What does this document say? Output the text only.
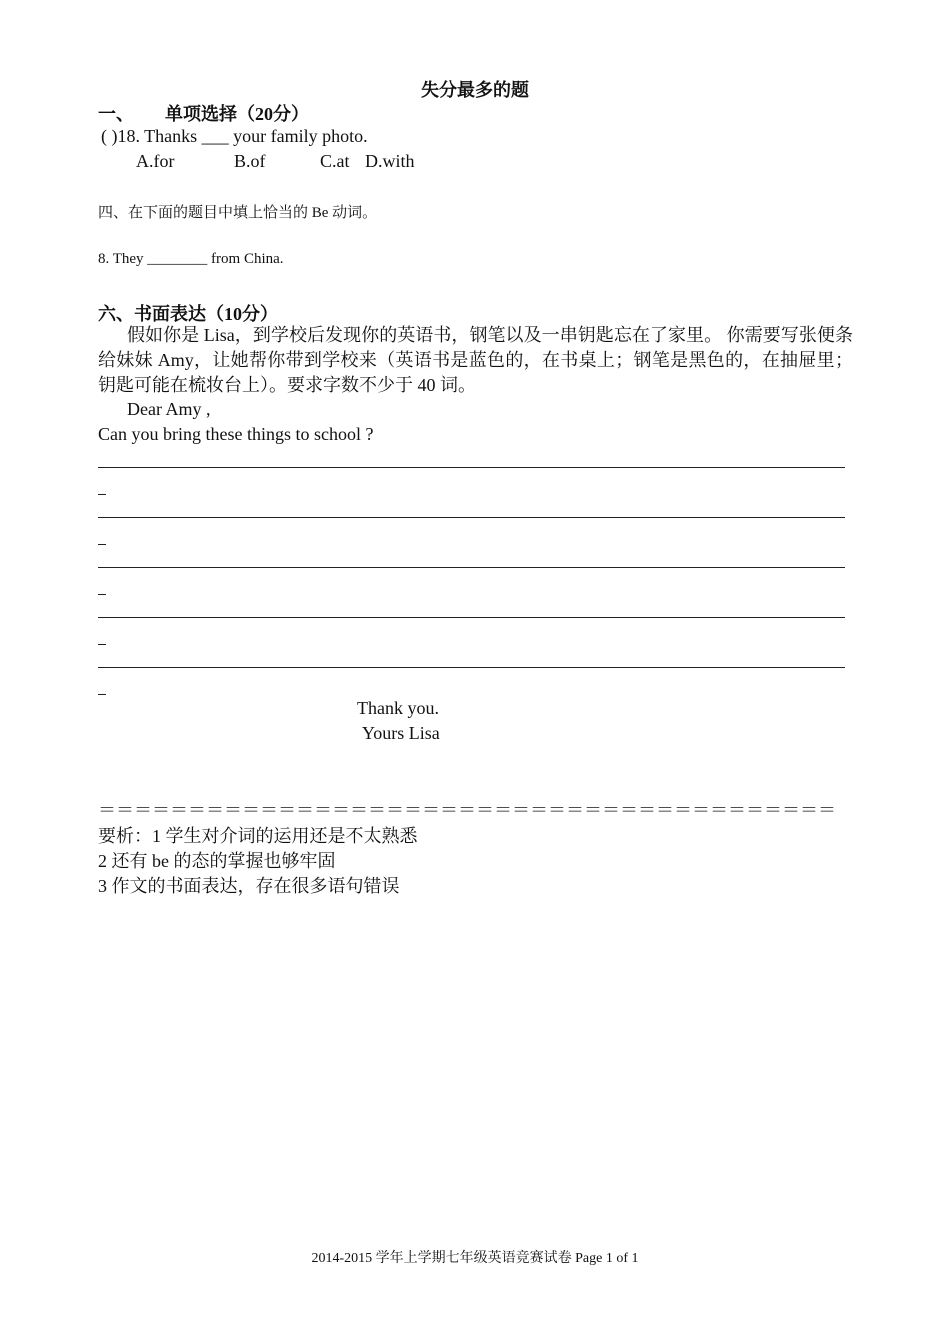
失分最多的题
一、 单项选择（20分）
( )18. Thanks ___ your family photo.
A.for	B.of	C.at D.with
四、在下面的题目中填上恰当的 Be 动词。
8. They ________ from China.
六、书面表达（10分）
假如你是 Lisa，到学校后发现你的英语书，钢笔以及一串钥匙忘在了家里。 你需要写张便条给妹妹 Amy，让她帮你带到学校来（英语书是蓝色的，在书桌上；钢笔是黑色的，在抽屉里； 钥匙可能在梳妆台上）。要求字数不少于 40 词。
Dear Amy ,
Can you bring these things to school ?
Thank you.
Yours Lisa
＝＝＝＝＝＝＝＝＝＝＝＝＝＝＝＝＝＝＝＝＝＝＝＝＝＝＝＝＝＝＝＝＝＝＝＝＝＝＝＝＝
要析：1 学生对介词的运用还是不太熟悉
2 还有 be 的态的掌握也够牢固
3 作文的书面表达，存在很多语句错误
2014-2015 学年上学期七年级英语竞赛试卷 Page 1 of 1
